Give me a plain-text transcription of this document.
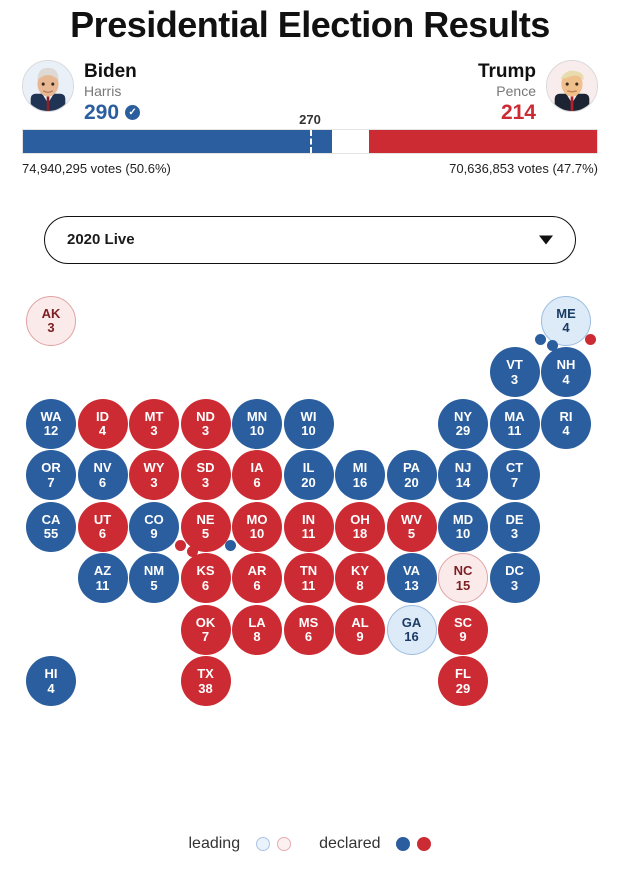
Presidential Election Results
Biden
Harris
290 ✓
Trump
Pence
214
270
74,940,295 votes (50.6%)	70,636,853 votes (47.7%)
2020 Live
AK
3
ME
4
VT
3
NH
4
WA
12
ID
4
MT
3
ND
3
MN
10
WI
10
NY
29
MA
11
RI
4
OR
7
NV
6
WY
3
SD
3
IA
6
IL
20
MI
16
PA
20
NJ
14
CT
7
CA
55
UT
6
CO
9
NE
5
MO
10
IN
11
OH
18
WV
5
MD
10
DE
3
AZ
11
NM
5
KS
6
AR
6
TN
11
KY
8
VA
13
NC
15
DC
3
OK
7
LA
8
MS
6
AL
9
GA
16
SC
9
HI
4
TX
38
FL
29
leading	declared
